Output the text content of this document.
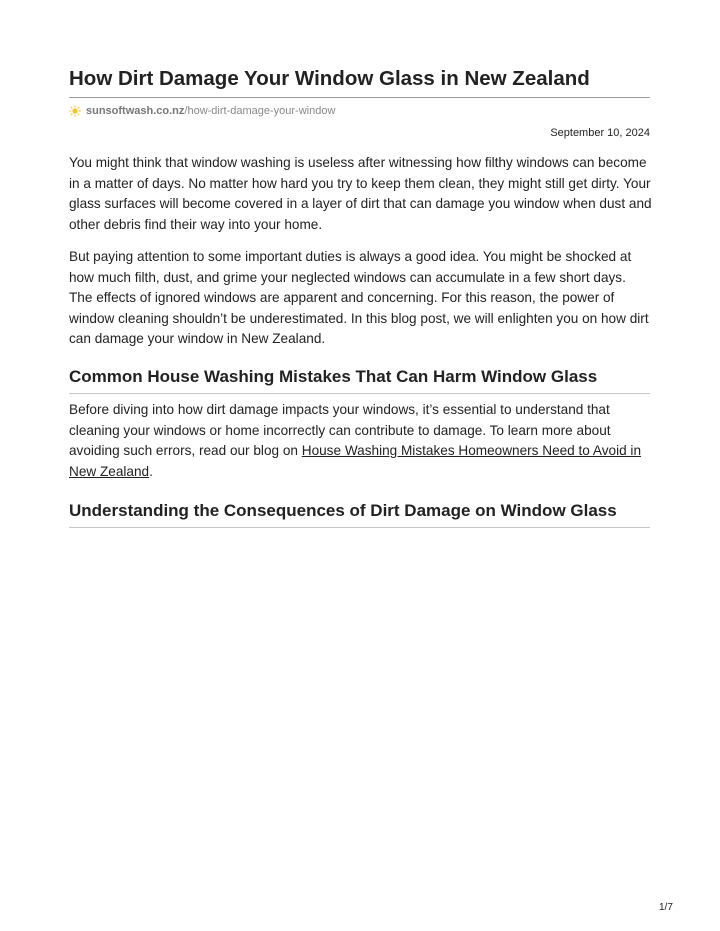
How Dirt Damage Your Window Glass in New Zealand
sunsoftwash.co.nz /how-dirt-damage-your-window
September 10, 2024

You might think that window washing is useless after witnessing how filthy windows can become in a matter of days. No matter how hard you try to keep them clean, they might still get dirty. Your glass surfaces will become covered in a layer of dirt that can damage you window when dust and other debris find their way into your home.

But paying attention to some important duties is always a good idea. You might be shocked at how much filth, dust, and grime your neglected windows can accumulate in a few short days. The effects of ignored windows are apparent and concerning. For this reason, the power of window cleaning shouldn’t be underestimated. In this blog post, we will enlighten you on how dirt can damage your window in New Zealand.

Common House Washing Mistakes That Can Harm Window Glass

Before diving into how dirt damage impacts your windows, it’s essential to understand that cleaning your windows or home incorrectly can contribute to damage. To learn more about avoiding such errors, read our blog on House Washing Mistakes Homeowners Need to Avoid in New Zealand.

Understanding the Consequences of Dirt Damage on Window Glass
1/7
